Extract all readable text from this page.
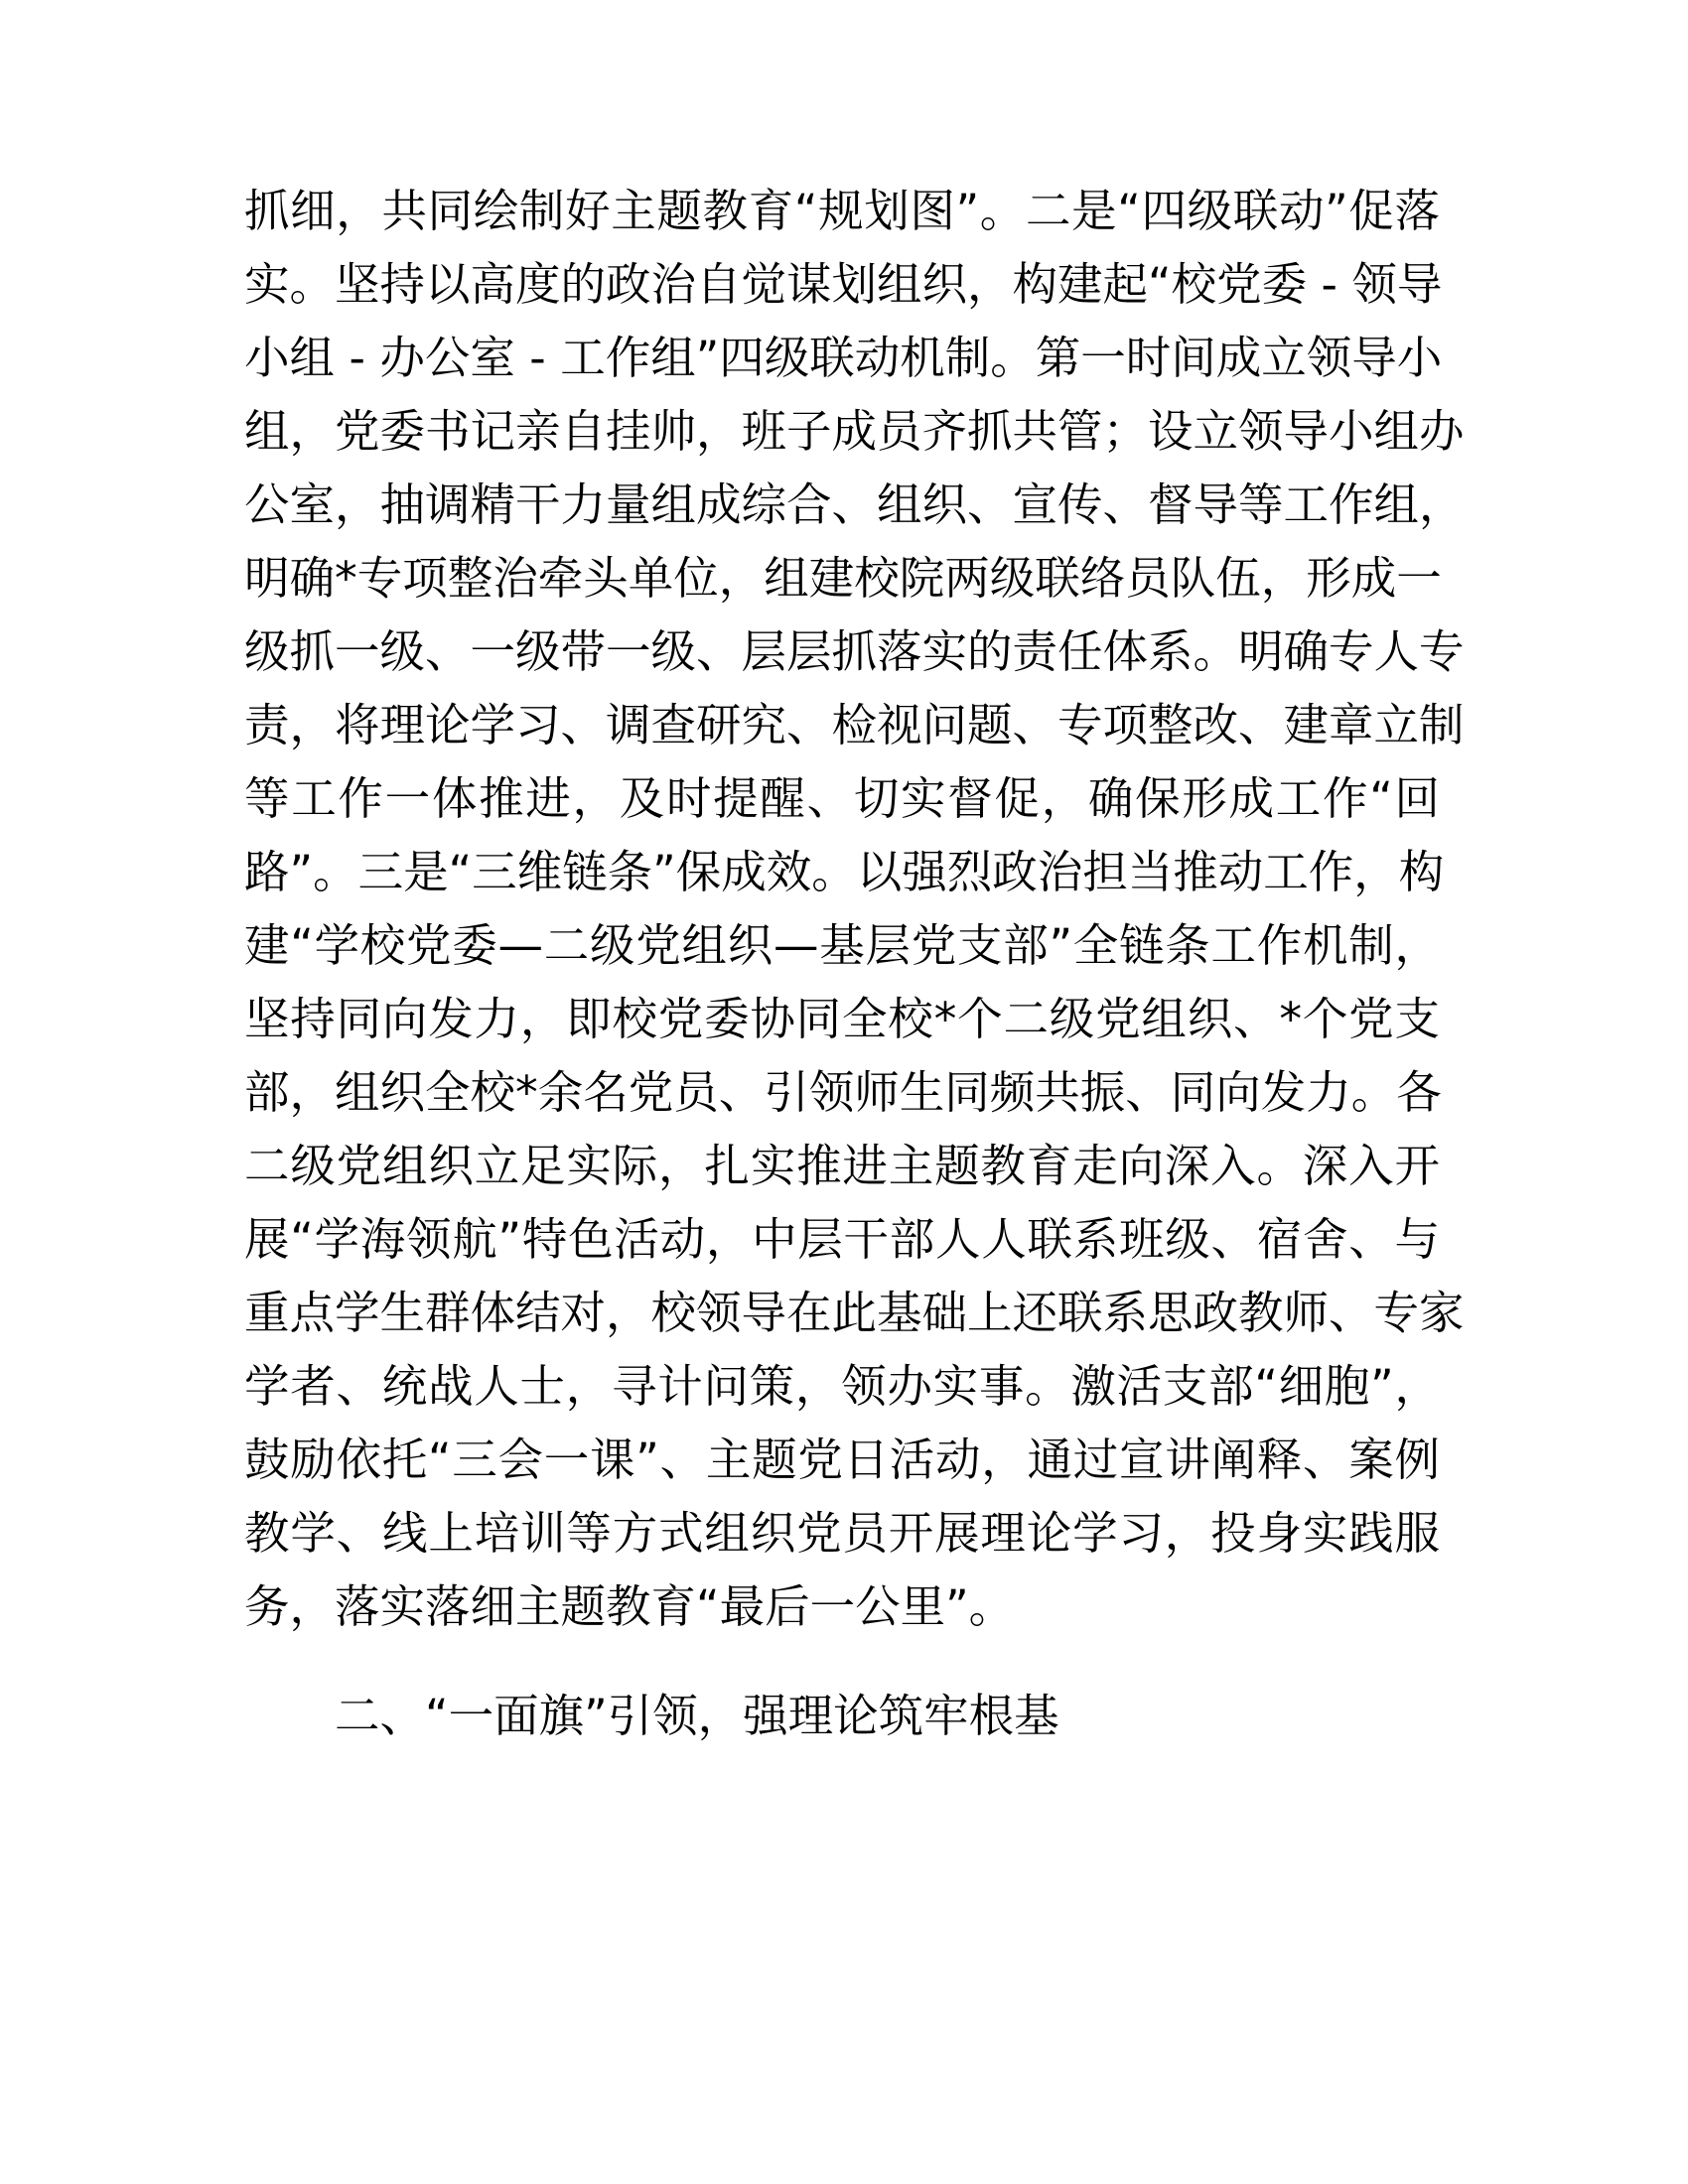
抓细，共同绘制好主题教育“规划图”。二是“四级联动”促落
实。坚持以高度的政治自觉谋划组织，构建起“校党委 - 领导
小组 - 办公室 - 工作组”四级联动机制。第一时间成立领导小
组，党委书记亲自挂帅，班子成员齐抓共管；设立领导小组办
公室，抽调精干力量组成综合、组织、宣传、督导等工作组，
明确*专项整治牵头单位，组建校院两级联络员队伍，形成一
级抓一级、一级带一级、层层抓落实的责任体系。明确专人专
责，将理论学习、调查研究、检视问题、专项整改、建章立制
等工作一体推进，及时提醒、切实督促，确保形成工作“回
路”。三是“三维链条”保成效。以强烈政治担当推动工作，构
建“学校党委—二级党组织—基层党支部”全链条工作机制，
坚持同向发力，即校党委协同全校*个二级党组织、*个党支
部，组织全校*余名党员、引领师生同频共振、同向发力。各
二级党组织立足实际，扎实推进主题教育走向深入。深入开
展“学海领航”特色活动，中层干部人人联系班级、宿舍、与
重点学生群体结对，校领导在此基础上还联系思政教师、专家
学者、统战人士，寻计问策，领办实事。激活支部“细胞”，
鼓励依托“三会一课”、主题党日活动，通过宣讲阐释、案例
教学、线上培训等方式组织党员开展理论学习，投身实践服
务，落实落细主题教育“最后一公里”。
二、“一面旗”引领，强理论筑牢根基
